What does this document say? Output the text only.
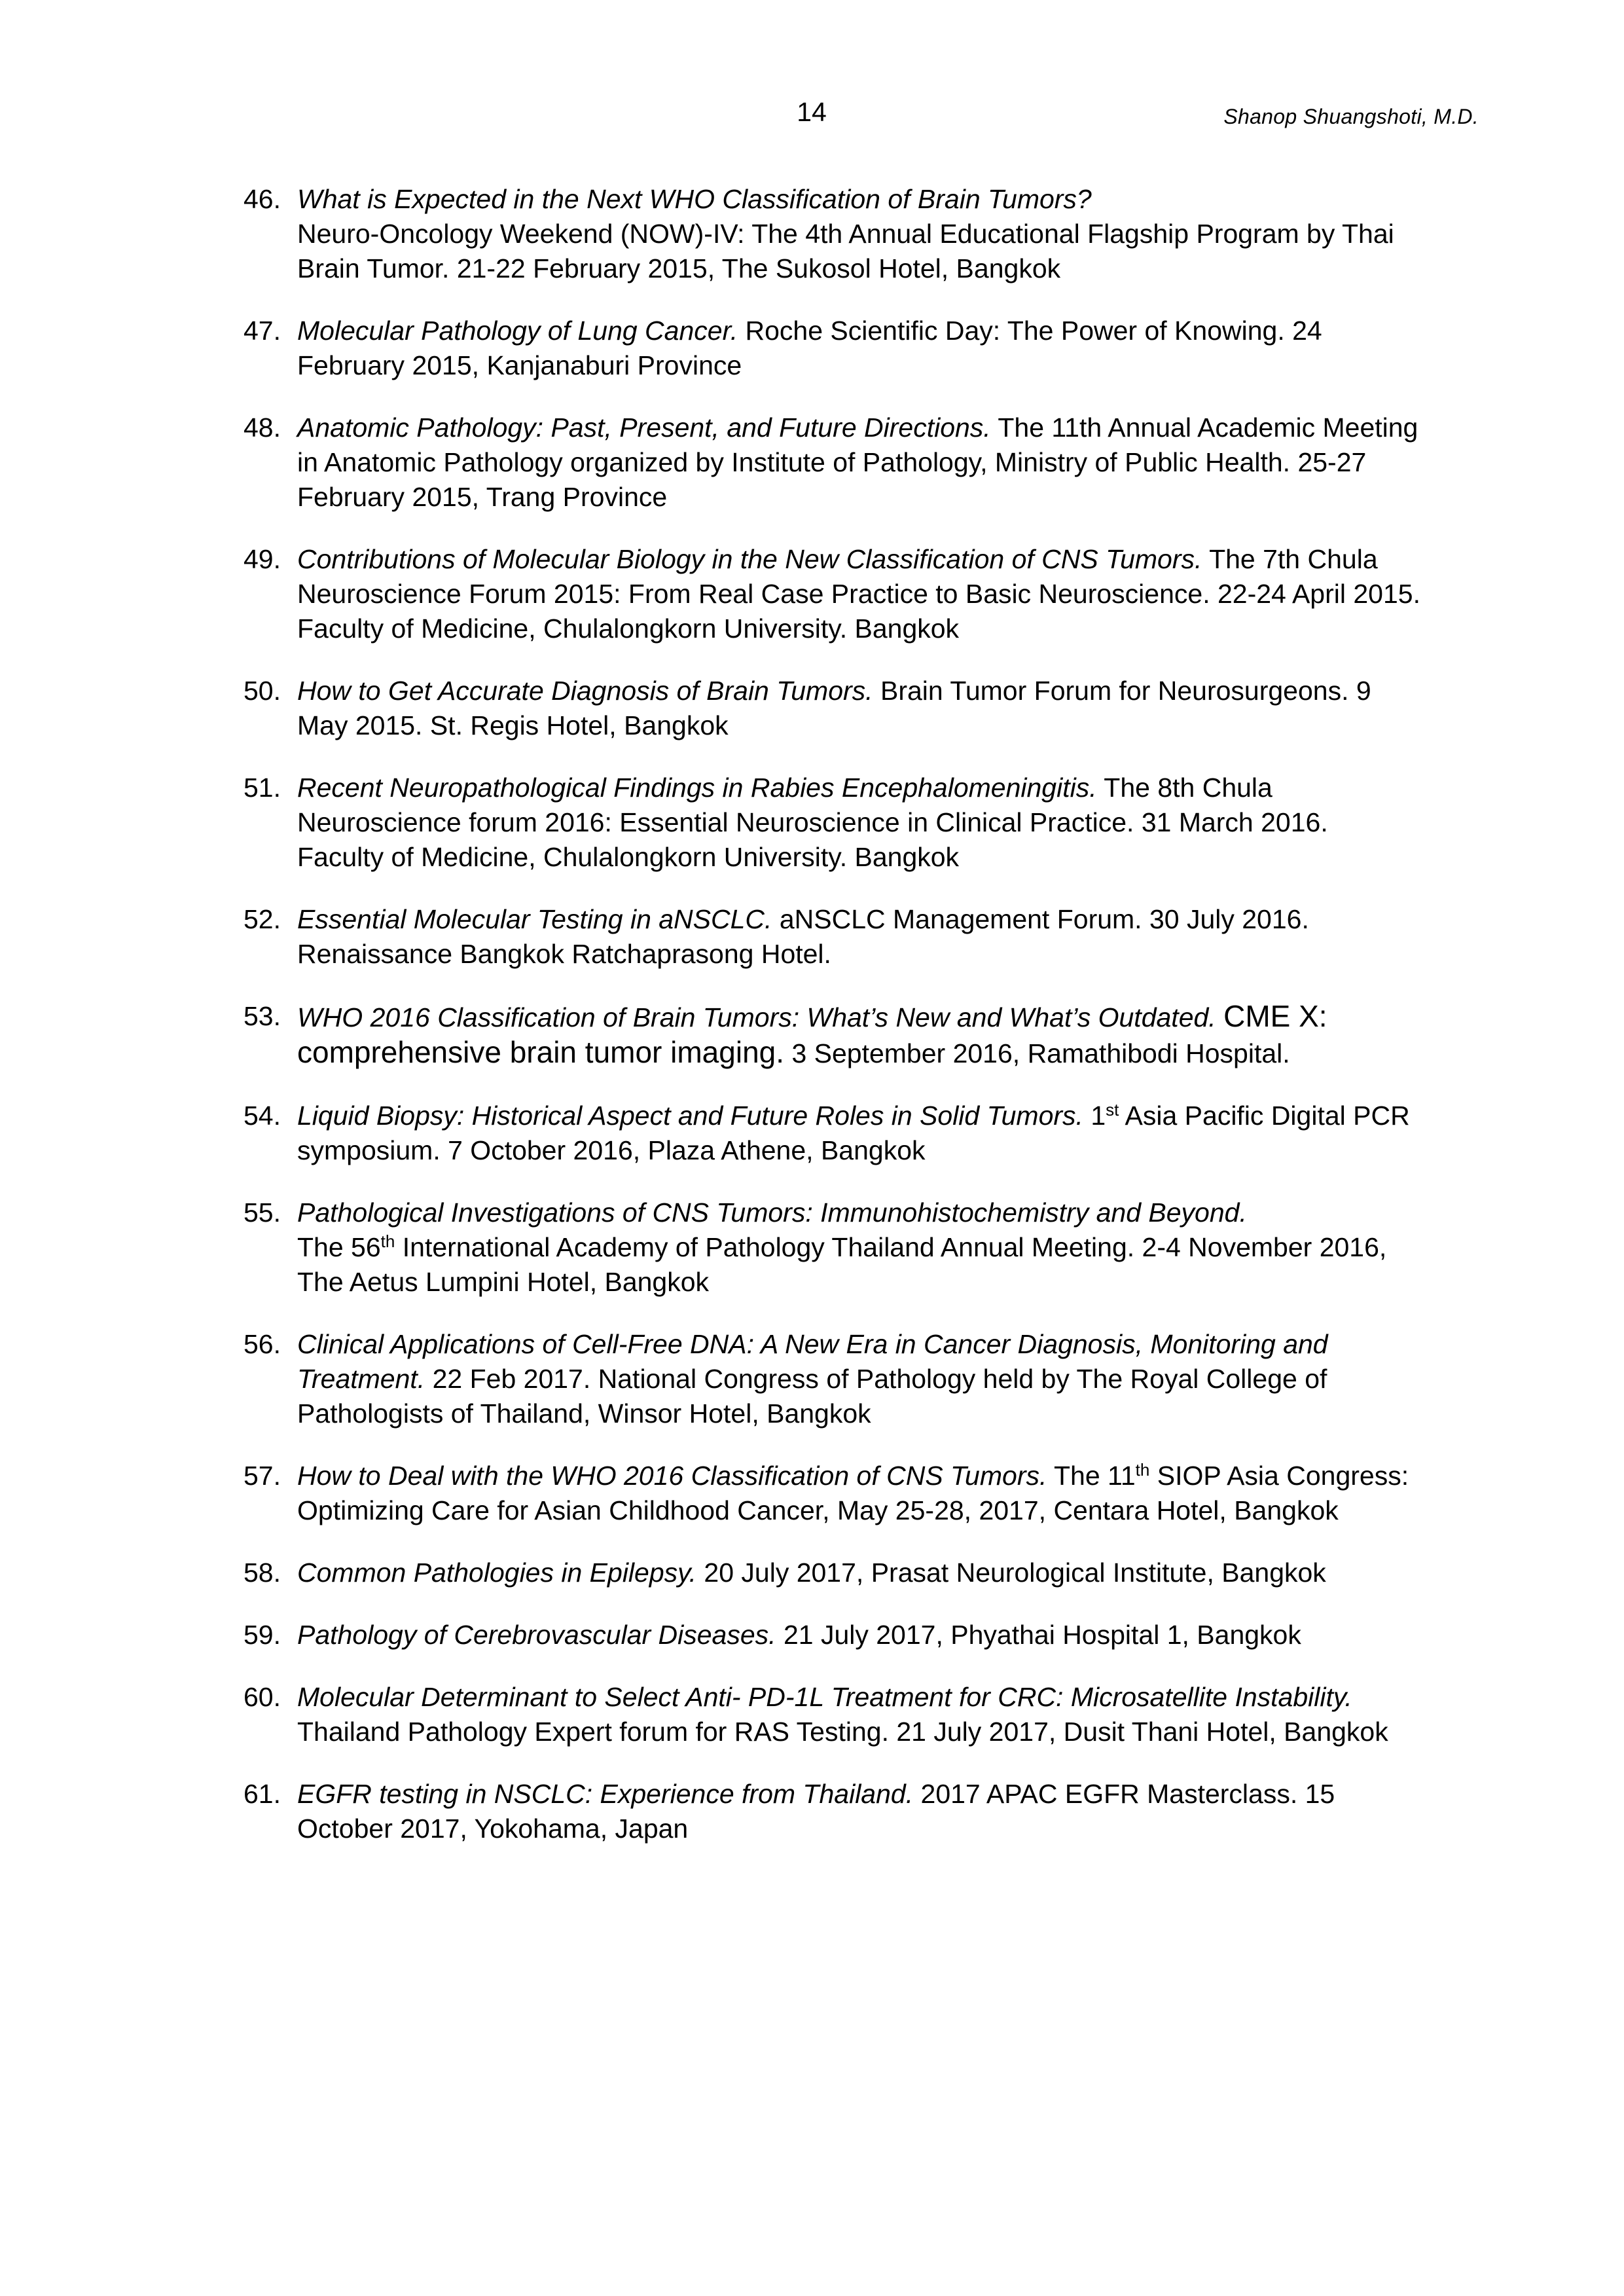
14	Shanop Shuangshoti, M.D.
46. What is Expected in the Next WHO Classification of Brain Tumors?
Neuro-Oncology Weekend (NOW)-IV: The 4th Annual Educational Flagship Program by Thai Brain Tumor. 21-22 February 2015, The Sukosol Hotel, Bangkok
47. Molecular Pathology of Lung Cancer. Roche Scientific Day: The Power of Knowing. 24 February 2015, Kanjanaburi Province
48. Anatomic Pathology: Past, Present, and Future Directions. The 11th Annual Academic Meeting in Anatomic Pathology organized by Institute of Pathology, Ministry of Public Health. 25-27 February 2015, Trang Province
49. Contributions of Molecular Biology in the New Classification of CNS Tumors. The 7th Chula Neuroscience Forum 2015: From Real Case Practice to Basic Neuroscience. 22-24 April 2015. Faculty of Medicine, Chulalongkorn University. Bangkok
50. How to Get Accurate Diagnosis of Brain Tumors. Brain Tumor Forum for Neurosurgeons. 9 May 2015. St. Regis Hotel, Bangkok
51. Recent Neuropathological Findings in Rabies Encephalomeningitis. The 8th Chula Neuroscience forum 2016: Essential Neuroscience in Clinical Practice. 31 March 2016. Faculty of Medicine, Chulalongkorn University. Bangkok
52. Essential Molecular Testing in aNSCLC. aNSCLC Management Forum. 30 July 2016. Renaissance Bangkok Ratchaprasong Hotel.
53. WHO 2016 Classification of Brain Tumors: What’s New and What’s Outdated. CME X: comprehensive brain tumor imaging. 3 September 2016, Ramathibodi Hospital.
54. Liquid Biopsy: Historical Aspect and Future Roles in Solid Tumors. 1st Asia Pacific Digital PCR symposium. 7 October 2016, Plaza Athene, Bangkok
55. Pathological Investigations of CNS Tumors: Immunohistochemistry and Beyond.
The 56th International Academy of Pathology Thailand Annual Meeting. 2-4 November 2016, The Aetus Lumpini Hotel, Bangkok
56. Clinical Applications of Cell-Free DNA: A New Era in Cancer Diagnosis, Monitoring and Treatment. 22 Feb 2017. National Congress of Pathology held by The Royal College of Pathologists of Thailand, Winsor Hotel, Bangkok
57. How to Deal with the WHO 2016 Classification of CNS Tumors. The 11th SIOP Asia Congress: Optimizing Care for Asian Childhood Cancer, May 25-28, 2017, Centara Hotel, Bangkok
58. Common Pathologies in Epilepsy. 20 July 2017, Prasat Neurological Institute, Bangkok
59. Pathology of Cerebrovascular Diseases. 21 July 2017, Phyathai Hospital 1, Bangkok
60. Molecular Determinant to Select Anti- PD-1L Treatment for CRC: Microsatellite Instability. Thailand Pathology Expert forum for RAS Testing. 21 July 2017, Dusit Thani Hotel, Bangkok
61. EGFR testing in NSCLC: Experience from Thailand. 2017 APAC EGFR Masterclass. 15 October 2017, Yokohama, Japan
